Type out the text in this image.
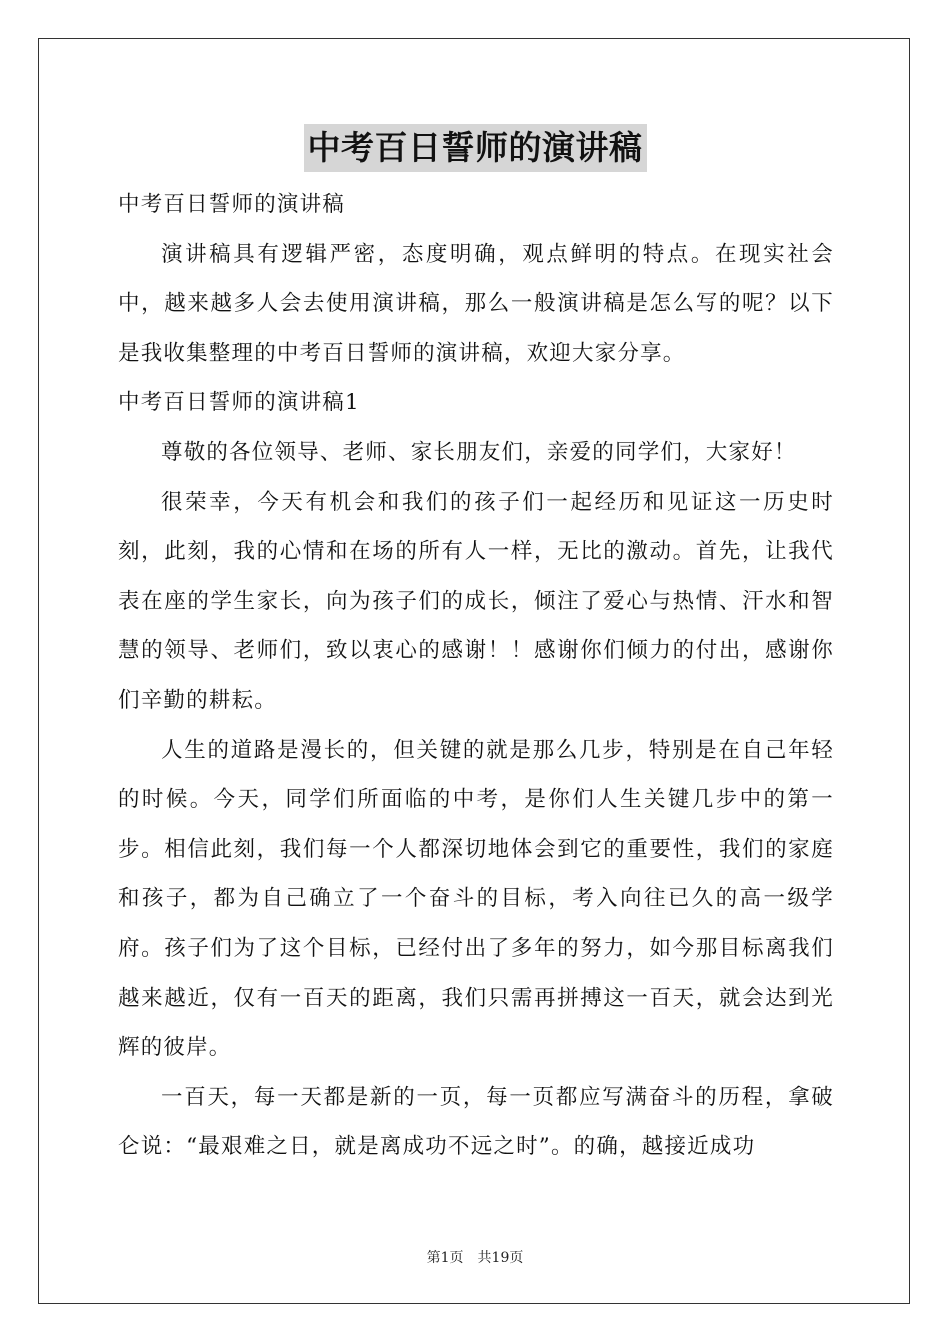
中考百日誓师的演讲稿

中考百日誓师的演讲稿

演讲稿具有逻辑严密，态度明确，观点鲜明的特点。在现实社会中，越来越多人会去使用演讲稿，那么一般演讲稿是怎么写的呢？以下是我收集整理的中考百日誓师的演讲稿，欢迎大家分享。

中考百日誓师的演讲稿1

尊敬的各位领导、老师、家长朋友们，亲爱的同学们，大家好！

很荣幸，今天有机会和我们的孩子们一起经历和见证这一历史时刻，此刻，我的心情和在场的所有人一样，无比的激动。首先，让我代表在座的学生家长，向为孩子们的成长，倾注了爱心与热情、汗水和智慧的领导、老师们，致以衷心的感谢！！感谢你们倾力的付出，感谢你们辛勤的耕耘。

人生的道路是漫长的，但关键的就是那么几步，特别是在自己年轻的时候。今天，同学们所面临的中考，是你们人生关键几步中的第一步。相信此刻，我们每一个人都深切地体会到它的重要性，我们的家庭和孩子，都为自己确立了一个奋斗的目标，考入向往已久的高一级学府。孩子们为了这个目标，已经付出了多年的努力，如今那目标离我们越来越近，仅有一百天的距离，我们只需再拼搏这一百天，就会达到光辉的彼岸。

一百天，每一天都是新的一页，每一页都应写满奋斗的历程，拿破仑说：“最艰难之日，就是离成功不远之时”。的确，越接近成功

第1页 共19页
